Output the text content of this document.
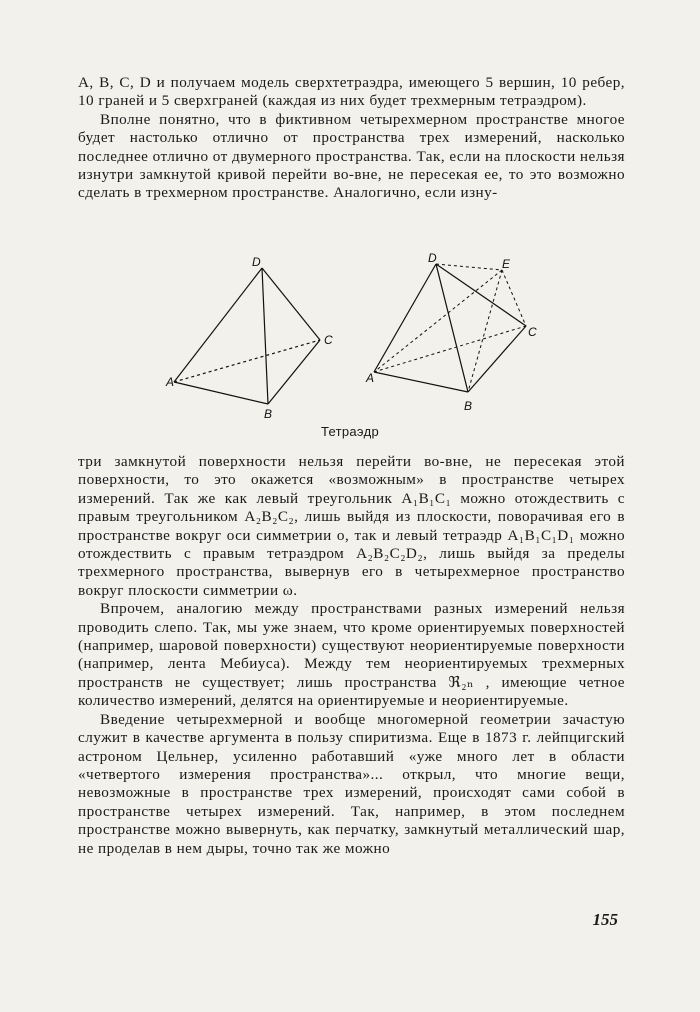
A, B, C, D и получаем модель сверхтетраэдра, имеющего 5 вершин, 10 ребер, 10 граней и 5 сверхграней (каждая из них будет трехмерным тетраэдром).

Вполне понятно, что в фиктивном четырехмерном пространстве многое будет настолько отлично от пространства трех измерений, насколько последнее отлично от двумерного пространства. Так, если на плоскости нельзя изнутри замкнутой кривой перейти во-вне, не пересекая ее, то это возможно сделать в трехмерном пространстве. Аналогично, если изну-

D
C
A
B
D	E
C
A
B
Тетраэдр

три замкнутой поверхности нельзя перейти во-вне, не пересекая этой поверхности, то это окажется «возможным» в пространстве четырех измерений. Так же как левый треугольник A₁B₁C₁ можно отождествить с правым треугольником A₂B₂C₂, лишь выйдя из плоскости, поворачивая его в пространстве вокруг оси симметрии o, так и левый тетраэдр A₁B₁C₁D₁ можно отождествить с правым тетраэдром A₂B₂C₂D₂, лишь выйдя за пределы трехмерного пространства, вывернув его в четырехмерное пространство вокруг плоскости симметрии ω.

Впрочем, аналогию между пространствами разных измерений нельзя проводить слепо. Так, мы уже знаем, что кроме ориентируемых поверхностей (например, шаровой поверхности) существуют неориентируемые поверхности (например, лента Мебиуса). Между тем неориентируемых трехмерных пространств не существует; лишь пространства ℜ₂ₙ , имеющие четное количество измерений, делятся на ориентируемые и неориентируемые.

Введение четырехмерной и вообще многомерной геометрии зачастую служит в качестве аргумента в пользу спиритизма. Еще в 1873 г. лейпцигский астроном Цельнер, усиленно работавший «уже много лет в области «четвертого измерения пространства»... открыл, что многие вещи, невозможные в пространстве трех измерений, происходят сами собой в пространстве четырех измерений. Так, например, в этом последнем пространстве можно вывернуть, как перчатку, замкнутый металлический шар, не проделав в нем дыры, точно так же можно

155
